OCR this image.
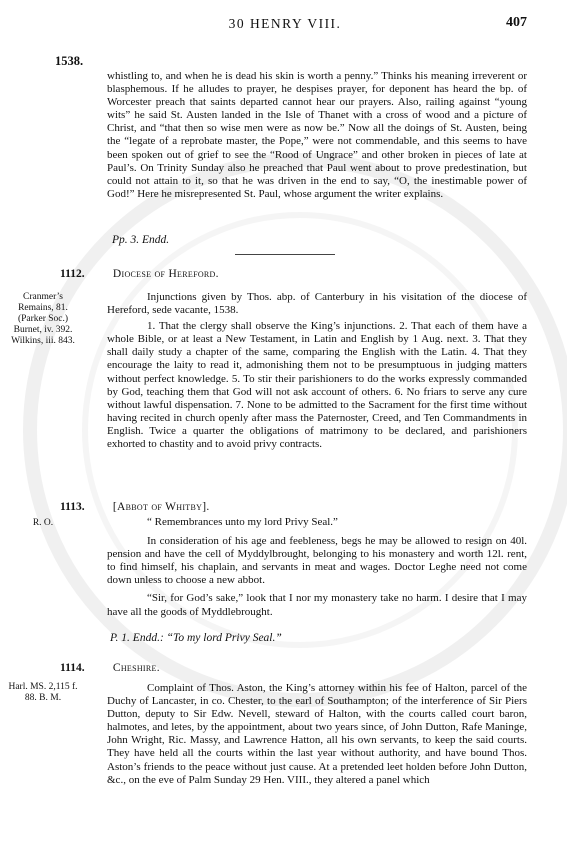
30 HENRY VIII.	407
1538.

whistling to, and when he is dead his skin is worth a penny.” Thinks his meaning irreverent or blasphemous. If he alludes to prayer, he despises prayer, for deponent has heard the bp. of Worcester preach that saints departed cannot hear our prayers. Also, railing against “young wits” he said St. Austen landed in the Isle of Thanet with a cross of wood and a picture of Christ, and “that then so wise men were as now be.” Now all the doings of St. Austen, being the “legate of a reprobate master, the Pope,” were not commendable, and this seems to have been spoken out of grief to see the “Rood of Ungrace” and other broken in pieces of late at Paul’s. On Trinity Sunday also he preached that Paul went about to prove predestination, but could not attain to it, so that he was driven in the end to say, “O, the inestimable power of God!” Here he misrepresented St. Paul, whose argument the writer explains.

Pp. 3. Endd.
1112. Diocese of Hereford.
Cranmer’s Remains, 81. (Parker Soc.) Burnet, iv. 392. Wilkins, iii. 843.

Injunctions given by Thos. abp. of Canterbury in his visitation of the diocese of Hereford, sede vacante, 1538.

1. That the clergy shall observe the King’s injunctions. 2. That each of them have a whole Bible, or at least a New Testament, in Latin and English by 1 Aug. next. 3. That they shall daily study a chapter of the same, comparing the English with the Latin. 4. That they encourage the laity to read it, admonishing them not to be presumptuous in judging matters without perfect knowledge. 5. To stir their parishioners to do the works expressly commanded by God, teaching them that God will not ask account of others. 6. No friars to serve any cure without lawful dispensation. 7. None to be admitted to the Sacrament for the first time without having recited in church openly after mass the Paternoster, Creed, and Ten Commandments in English. Twice a quarter the obligations of matrimony to be declared, and parishioners exhorted to chastity and to avoid privy contracts.

1113. [Abbot of Whitby].
R. O.	“ Remembrances unto my lord Privy Seal.”

In consideration of his age and feebleness, begs he may be allowed to resign on 40l. pension and have the cell of Myddylbrought, belonging to his monastery and worth 12l. rent, to find himself, his chaplain, and servants in meat and wages. Doctor Leghe need not come down unless to choose a new abbot.

“Sir, for God’s sake,” look that I nor my monastery take no harm. I desire that I may have all the goods of Myddlebrought.

P. 1. Endd.: “To my lord Privy Seal.”
1114. Cheshire.
Harl. MS. 2,115 f. 88. B. M.

Complaint of Thos. Aston, the King’s attorney within his fee of Halton, parcel of the Duchy of Lancaster, in co. Chester, to the earl of Southampton; of the interference of Sir Piers Dutton, deputy to Sir Edw. Nevell, steward of Halton, with the courts called court baron, halmotes, and letes, by the appointment, about two years since, of John Dutton, Rafe Maninge, John Wright, Ric. Massy, and Lawrence Hatton, all his own servants, to keep the said courts. They have held all the courts within the last year without authority, and have bound Thos. Aston’s friends to the peace without just cause. At a pretended leet holden before John Dutton, &c., on the eve of Palm Sunday 29 Hen. VIII., they altered a panel which
